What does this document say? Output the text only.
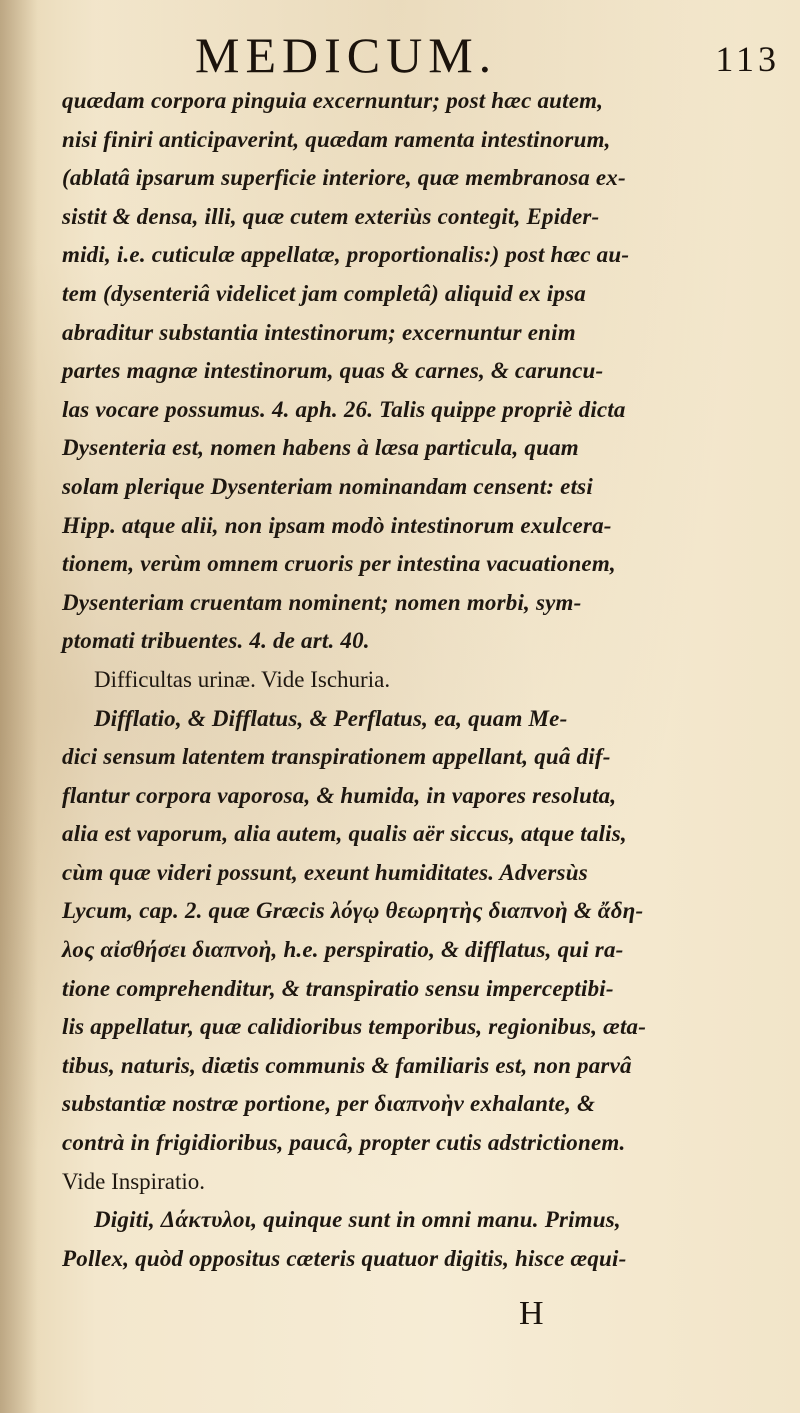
MEDICUM.	113
quædam corpora pinguia excernuntur; post hæc autem,
nisi finiri anticipaverint, quædam ramenta intestinorum,
(ablatâ ipsarum superficie interiore, quæ membranosa ex-
sistit & densa, illi, quæ cutem exteriùs contegit, Epider-
midi, i.e. cuticulæ appellatæ, proportionalis:) post hæc au-
tem (dysenteriâ videlicet jam completâ) aliquid ex ipsa
abraditur substantia intestinorum; excernuntur enim
partes magnæ intestinorum, quas & carnes, & caruncu-
las vocare possumus. 4. aph. 26. Talis quippe propriè dicta
Dysenteria est, nomen habens à læsa particula, quam
solam plerique Dysenteriam nominandam censent: etsi
Hipp. atque alii, non ipsam modò intestinorum exulcera-
tionem, verùm omnem cruoris per intestina vacuationem,
Dysenteriam cruentam nominent; nomen morbi, sym-
ptomati tribuentes. 4. de art. 40.
Difficultas urinæ. Vide Ischuria.
Difflatio, & Difflatus, & Perflatus, ea, quam Me-
dici sensum latentem transpirationem appellant, quâ dif-
flantur corpora vaporosa, & humida, in vapores resoluta,
alia est vaporum, alia autem, qualis aër siccus, atque talis,
cùm quæ videri possunt, exeunt humiditates. Adversùs
Lycum, cap. 2. quæ Græcis λόγῳ θεωρητὴς διαπνοὴ & ἄδη-
λος αἰσθήσει διαπνοὴ, h.e. perspiratio, & difflatus, qui ra-
tione comprehenditur, & transpiratio sensu imperceptibi-
lis appellatur, quæ calidioribus temporibus, regionibus, æta-
tibus, naturis, diætis communis & familiaris est, non parvâ
substantiæ nostræ portione, per διαπνοὴν exhalante, &
contrà in frigidioribus, paucâ, propter cutis adstrictionem.
Vide Inspiratio.
Digiti, Δάκτυλοι, quinque sunt in omni manu. Primus,
Pollex, quòd oppositus cæteris quatuor digitis, hisce æqui-
H
